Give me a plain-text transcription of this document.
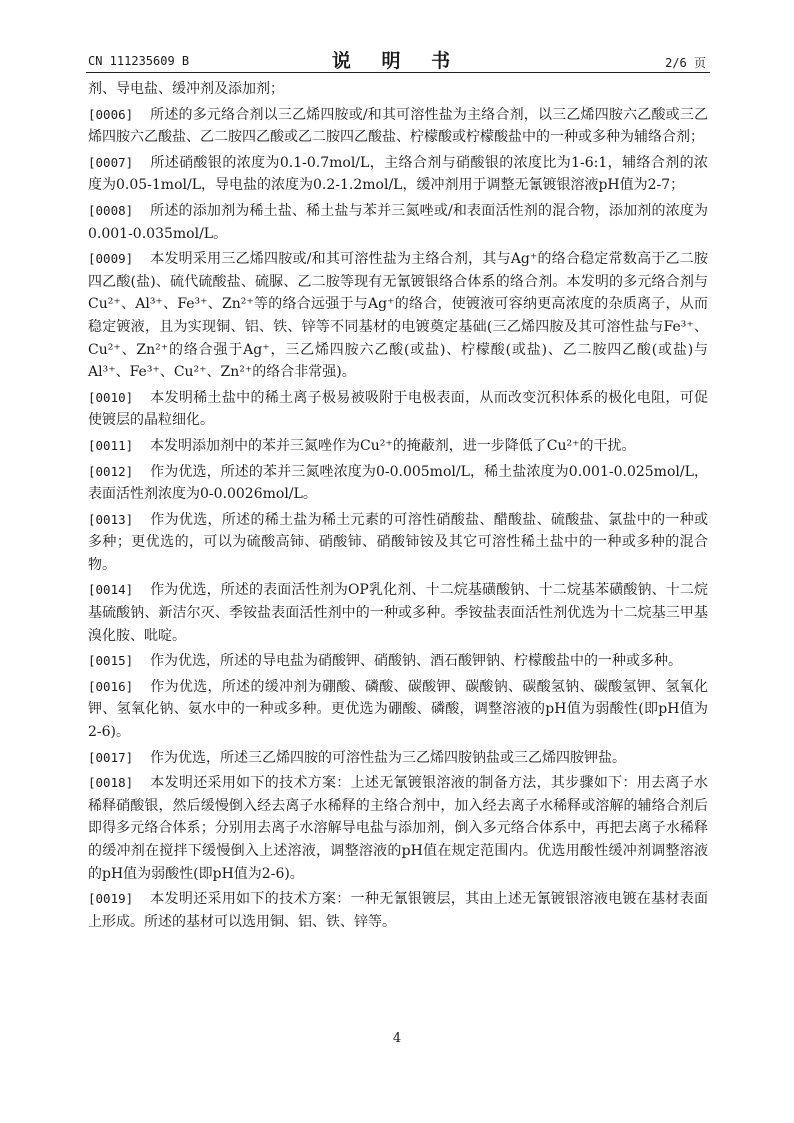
CN 111235609 B	说 明 书	2/6 页

剂、导电盐、缓冲剂及添加剂；

[0006] 所述的多元络合剂以三乙烯四胺或/和其可溶性盐为主络合剂，以三乙烯四胺六乙酸或三乙烯四胺六乙酸盐、乙二胺四乙酸或乙二胺四乙酸盐、柠檬酸或柠檬酸盐中的一种或多种为辅络合剂；

[0007] 所述硝酸银的浓度为0.1-0.7mol/L，主络合剂与硝酸银的浓度比为1-6:1，辅络合剂的浓度为0.05-1mol/L，导电盐的浓度为0.2-1.2mol/L，缓冲剂用于调整无氰镀银溶液pH值为2-7；

[0008] 所述的添加剂为稀土盐、稀土盐与苯并三氮唑或/和表面活性剂的混合物，添加剂的浓度为0.001-0.035mol/L。

[0009] 本发明采用三乙烯四胺或/和其可溶性盐为主络合剂，其与Ag⁺的络合稳定常数高于乙二胺四乙酸(盐)、硫代硫酸盐、硫脲、乙二胺等现有无氰镀银络合体系的络合剂。本发明的多元络合剂与Cu²⁺、Al³⁺、Fe³⁺、Zn²⁺等的络合远强于与Ag⁺的络合，使镀液可容纳更高浓度的杂质离子，从而稳定镀液，且为实现铜、铝、铁、锌等不同基材的电镀奠定基础(三乙烯四胺及其可溶性盐与Fe³⁺、Cu²⁺、Zn²⁺的络合强于Ag⁺，三乙烯四胺六乙酸(或盐)、柠檬酸(或盐)、乙二胺四乙酸(或盐)与Al³⁺、Fe³⁺、Cu²⁺、Zn²⁺的络合非常强)。

[0010] 本发明稀土盐中的稀土离子极易被吸附于电极表面，从而改变沉积体系的极化电阻，可促使镀层的晶粒细化。

[0011] 本发明添加剂中的苯并三氮唑作为Cu²⁺的掩蔽剂，进一步降低了Cu²⁺的干扰。

[0012] 作为优选，所述的苯并三氮唑浓度为0-0.005mol/L，稀土盐浓度为0.001-0.025mol/L，表面活性剂浓度为0-0.0026mol/L。

[0013] 作为优选，所述的稀土盐为稀土元素的可溶性硝酸盐、醋酸盐、硫酸盐、氯盐中的一种或多种；更优选的，可以为硫酸高铈、硝酸铈、硝酸铈铵及其它可溶性稀土盐中的一种或多种的混合物。

[0014] 作为优选，所述的表面活性剂为OP乳化剂、十二烷基磺酸钠、十二烷基苯磺酸钠、十二烷基硫酸钠、新洁尔灭、季铵盐表面活性剂中的一种或多种。季铵盐表面活性剂优选为十二烷基三甲基溴化胺、吡啶。

[0015] 作为优选，所述的导电盐为硝酸钾、硝酸钠、酒石酸钾钠、柠檬酸盐中的一种或多种。

[0016] 作为优选，所述的缓冲剂为硼酸、磷酸、碳酸钾、碳酸钠、碳酸氢钠、碳酸氢钾、氢氧化钾、氢氧化钠、氨水中的一种或多种。更优选为硼酸、磷酸，调整溶液的pH值为弱酸性(即pH值为2-6)。

[0017] 作为优选，所述三乙烯四胺的可溶性盐为三乙烯四胺钠盐或三乙烯四胺钾盐。

[0018] 本发明还采用如下的技术方案：上述无氰镀银溶液的制备方法，其步骤如下：用去离子水稀释硝酸银，然后缓慢倒入经去离子水稀释的主络合剂中，加入经去离子水稀释或溶解的辅络合剂后即得多元络合体系；分别用去离子水溶解导电盐与添加剂，倒入多元络合体系中，再把去离子水稀释的缓冲剂在搅拌下缓慢倒入上述溶液，调整溶液的pH值在规定范围内。优选用酸性缓冲剂调整溶液的pH值为弱酸性(即pH值为2-6)。

[0019] 本发明还采用如下的技术方案：一种无氰银镀层，其由上述无氰镀银溶液电镀在基材表面上形成。所述的基材可以选用铜、铝、铁、锌等。

4
